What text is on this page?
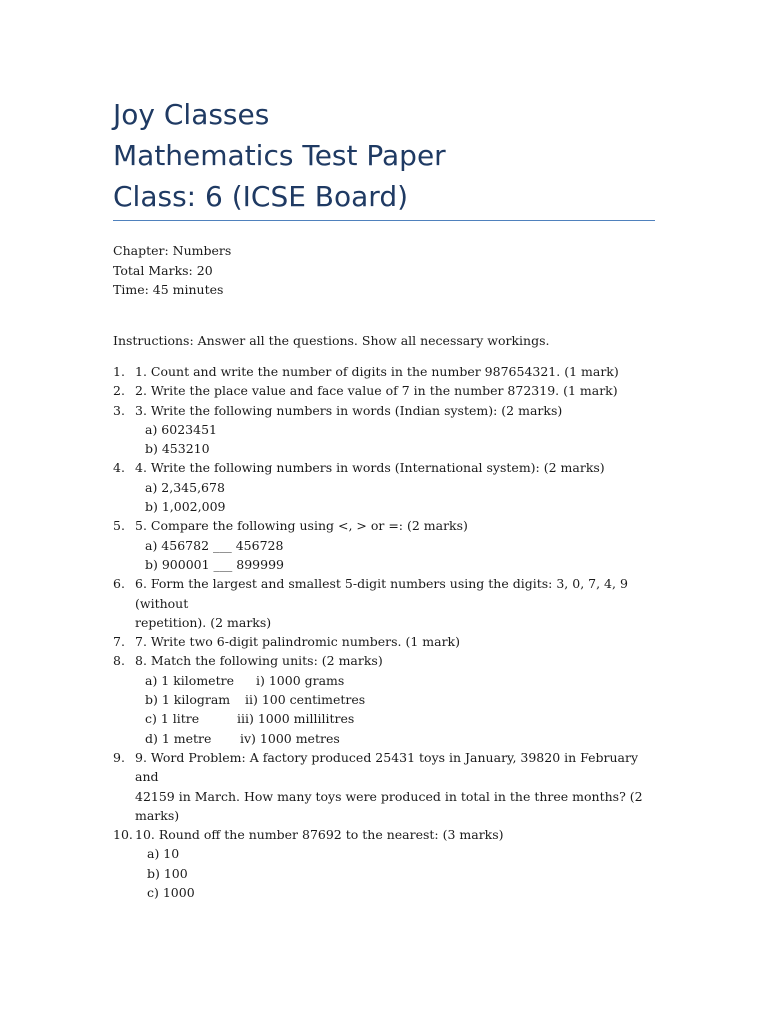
Joy Classes
Mathematics Test Paper
Class: 6 (ICSE Board)
Chapter: Numbers
Total Marks: 20
Time: 45 minutes
Instructions: Answer all the questions. Show all necessary workings.
1. 1. Count and write the number of digits in the number 987654321. (1 mark)
2. 2. Write the place value and face value of 7 in the number 872319. (1 mark)
3. 3. Write the following numbers in words (Indian system): (2 marks)
a) 6023451
b) 453210
4. 4. Write the following numbers in words (International system): (2 marks)
a) 2,345,678
b) 1,002,009
5. 5. Compare the following using <, > or =: (2 marks)
a) 456782 ___ 456728
b) 900001 ___ 899999
6. 6. Form the largest and smallest 5-digit numbers using the digits: 3, 0, 7, 4, 9 (without
repetition). (2 marks)
7. 7. Write two 6-digit palindromic numbers. (1 mark)
8. 8. Match the following units: (2 marks)
a) 1 kilometre i) 1000 grams
b) 1 kilogram ii) 100 centimetres
c) 1 litre	iii) 1000 millilitres
d) 1 metre iv) 1000 metres
9. 9. Word Problem: A factory produced 25431 toys in January, 39820 in February and
42159 in March. How many toys were produced in total in the three months? (2 marks)
10. 10. Round off the number 87692 to the nearest: (3 marks)
a) 10
b) 100
c) 1000
